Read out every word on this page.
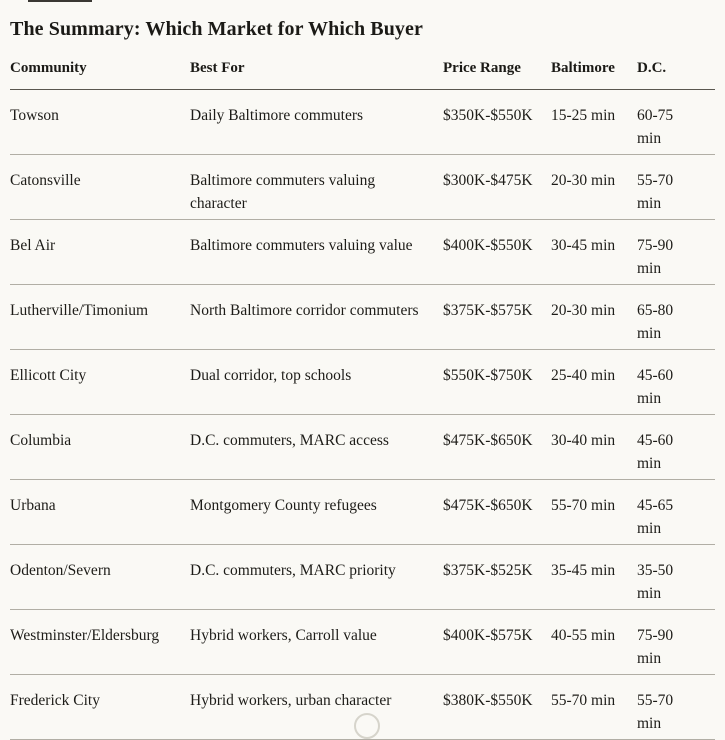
The Summary: Which Market for Which Buyer
Community	Best For	Price Range	Baltimore	D.C.
Towson	Daily Baltimore commuters	$350K-$550K	15-25 min	60-75 min
Catonsville	Baltimore commuters valuing character	$300K-$475K	20-30 min	55-70 min
Bel Air	Baltimore commuters valuing value	$400K-$550K	30-45 min	75-90 min
Lutherville/Timonium	North Baltimore corridor commuters	$375K-$575K	20-30 min	65-80 min
Ellicott City	Dual corridor, top schools	$550K-$750K	25-40 min	45-60 min
Columbia	D.C. commuters, MARC access	$475K-$650K	30-40 min	45-60 min
Urbana	Montgomery County refugees	$475K-$650K	55-70 min	45-65 min
Odenton/Severn	D.C. commuters, MARC priority	$375K-$525K	35-45 min	35-50 min
Westminster/Eldersburg	Hybrid workers, Carroll value	$400K-$575K	40-55 min	75-90 min
Frederick City	Hybrid workers, urban character	$380K-$550K	55-70 min	55-70 min
